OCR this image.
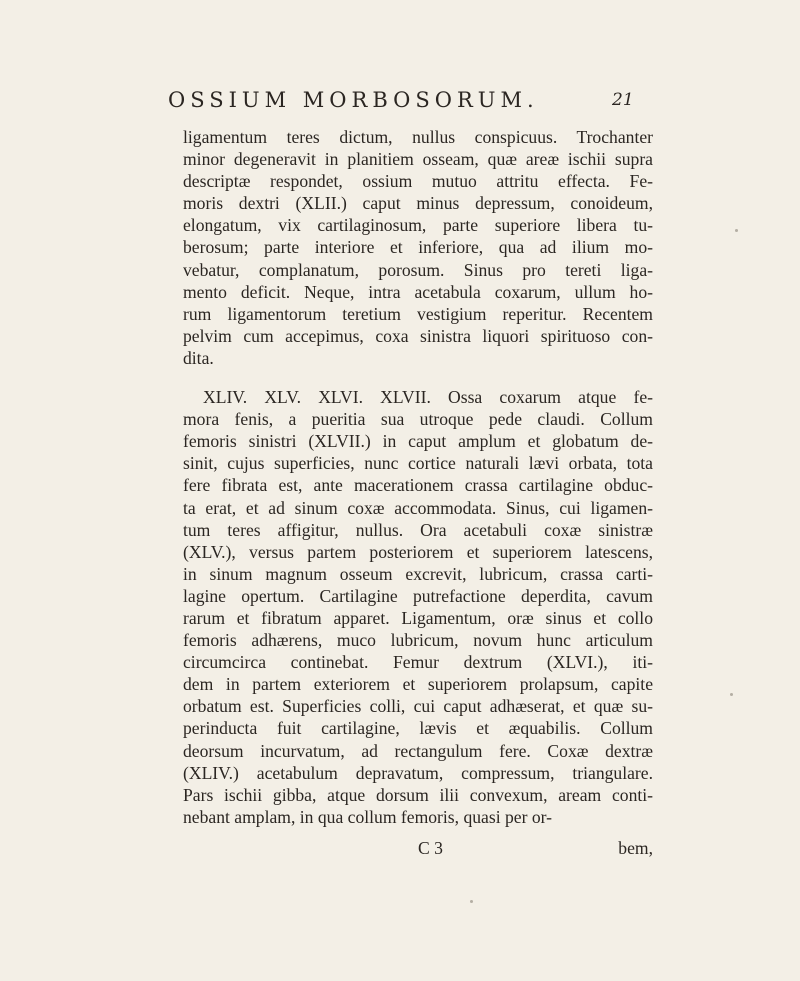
OSSIUM MORBOSORUM.	21
ligamentum teres dictum, nullus conspicuus. Trochanter
minor degeneravit in planitiem osseam, quæ areæ ischii supra
descriptæ respondet, ossium mutuo attritu effecta. Fe-
moris dextri (XLII.) caput minus depressum, conoideum,
elongatum, vix cartilaginosum, parte superiore libera tu-
berosum; parte interiore et inferiore, qua ad ilium mo-
vebatur, complanatum, porosum. Sinus pro tereti liga-
mento deficit. Neque, intra acetabula coxarum, ullum ho-
rum ligamentorum teretium vestigium reperitur. Recentem
pelvim cum accepimus, coxa sinistra liquori spirituoso con-
dita.
XLIV. XLV. XLVI. XLVII. Ossa coxarum atque fe-
mora fenis, a pueritia sua utroque pede claudi. Collum
femoris sinistri (XLVII.) in caput amplum et globatum de-
sinit, cujus superficies, nunc cortice naturali lævi orbata, tota
fere fibrata est, ante macerationem crassa cartilagine obduc-
ta erat, et ad sinum coxæ accommodata. Sinus, cui ligamen-
tum teres affigitur, nullus. Ora acetabuli coxæ sinistræ
(XLV.), versus partem posteriorem et superiorem latescens,
in sinum magnum osseum excrevit, lubricum, crassa carti-
lagine opertum. Cartilagine putrefactione deperdita, cavum
rarum et fibratum apparet. Ligamentum, oræ sinus et collo
femoris adhærens, muco lubricum, novum hunc articulum
circumcirca continebat. Femur dextrum (XLVI.), iti-
dem in partem exteriorem et superiorem prolapsum, capite
orbatum est. Superficies colli, cui caput adhæserat, et quæ su-
perinducta fuit cartilagine, lævis et æquabilis. Collum
deorsum incurvatum, ad rectangulum fere. Coxæ dextræ
(XLIV.) acetabulum depravatum, compressum, triangulare.
Pars ischii gibba, atque dorsum ilii convexum, aream conti-
nebant amplam, in qua collum femoris, quasi per or-
C 3	bem,
